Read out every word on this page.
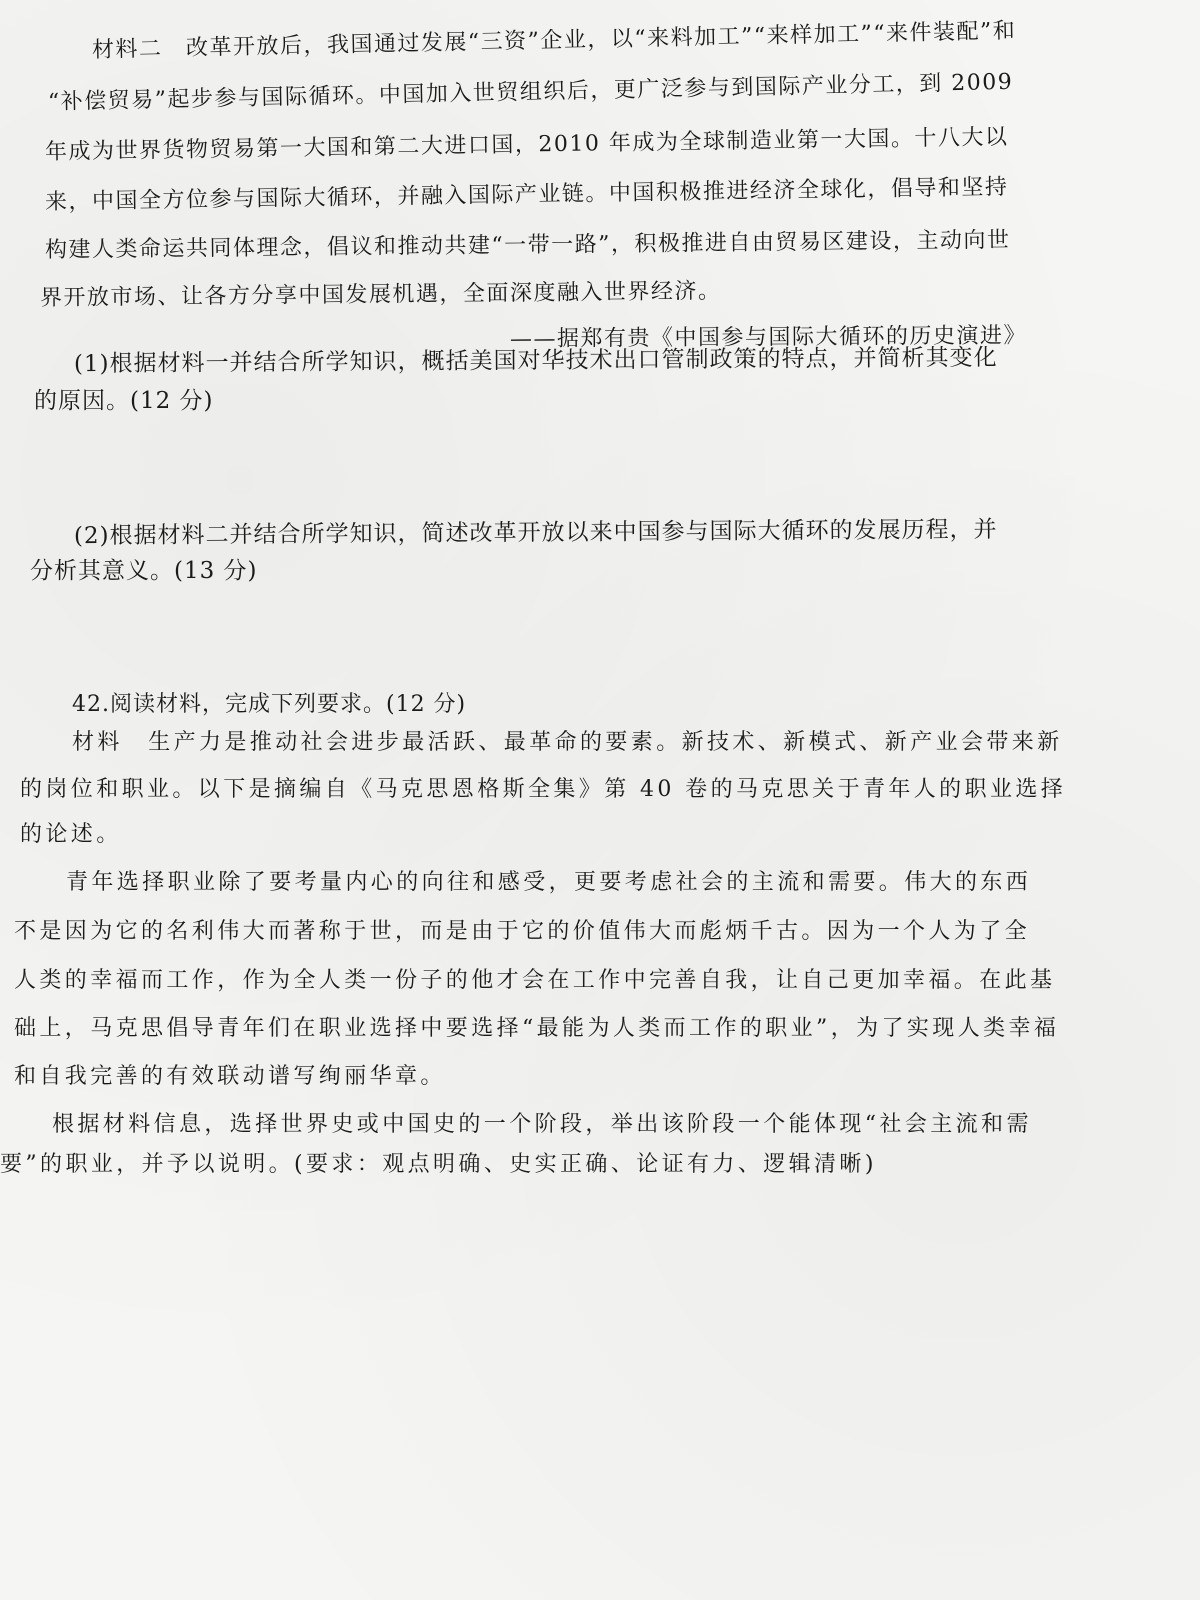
材料二　改革开放后，我国通过发展“三资”企业，以“来料加工”“来样加工”“来件装配”和
“补偿贸易”起步参与国际循环。中国加入世贸组织后，更广泛参与到国际产业分工，到 2009
年成为世界货物贸易第一大国和第二大进口国，2010 年成为全球制造业第一大国。十八大以
来，中国全方位参与国际大循环，并融入国际产业链。中国积极推进经济全球化，倡导和坚持
构建人类命运共同体理念，倡议和推动共建“一带一路”，积极推进自由贸易区建设，主动向世
界开放市场、让各方分享中国发展机遇，全面深度融入世界经济。
——据郑有贵《中国参与国际大循环的历史演进》
(1)根据材料一并结合所学知识，概括美国对华技术出口管制政策的特点，并简析其变化
的原因。(12 分)
(2)根据材料二并结合所学知识，简述改革开放以来中国参与国际大循环的发展历程，并
分析其意义。(13 分)
42.阅读材料，完成下列要求。(12 分)
材料　生产力是推动社会进步最活跃、最革命的要素。新技术、新模式、新产业会带来新
的岗位和职业。以下是摘编自《马克思恩格斯全集》第 40 卷的马克思关于青年人的职业选择
的论述。
青年选择职业除了要考量内心的向往和感受，更要考虑社会的主流和需要。伟大的东西
不是因为它的名利伟大而著称于世，而是由于它的价值伟大而彪炳千古。因为一个人为了全
人类的幸福而工作，作为全人类一份子的他才会在工作中完善自我，让自己更加幸福。在此基
础上，马克思倡导青年们在职业选择中要选择“最能为人类而工作的职业”，为了实现人类幸福
和自我完善的有效联动谱写绚丽华章。
根据材料信息，选择世界史或中国史的一个阶段，举出该阶段一个能体现“社会主流和需
要”的职业，并予以说明。(要求：观点明确、史实正确、论证有力、逻辑清晰)
